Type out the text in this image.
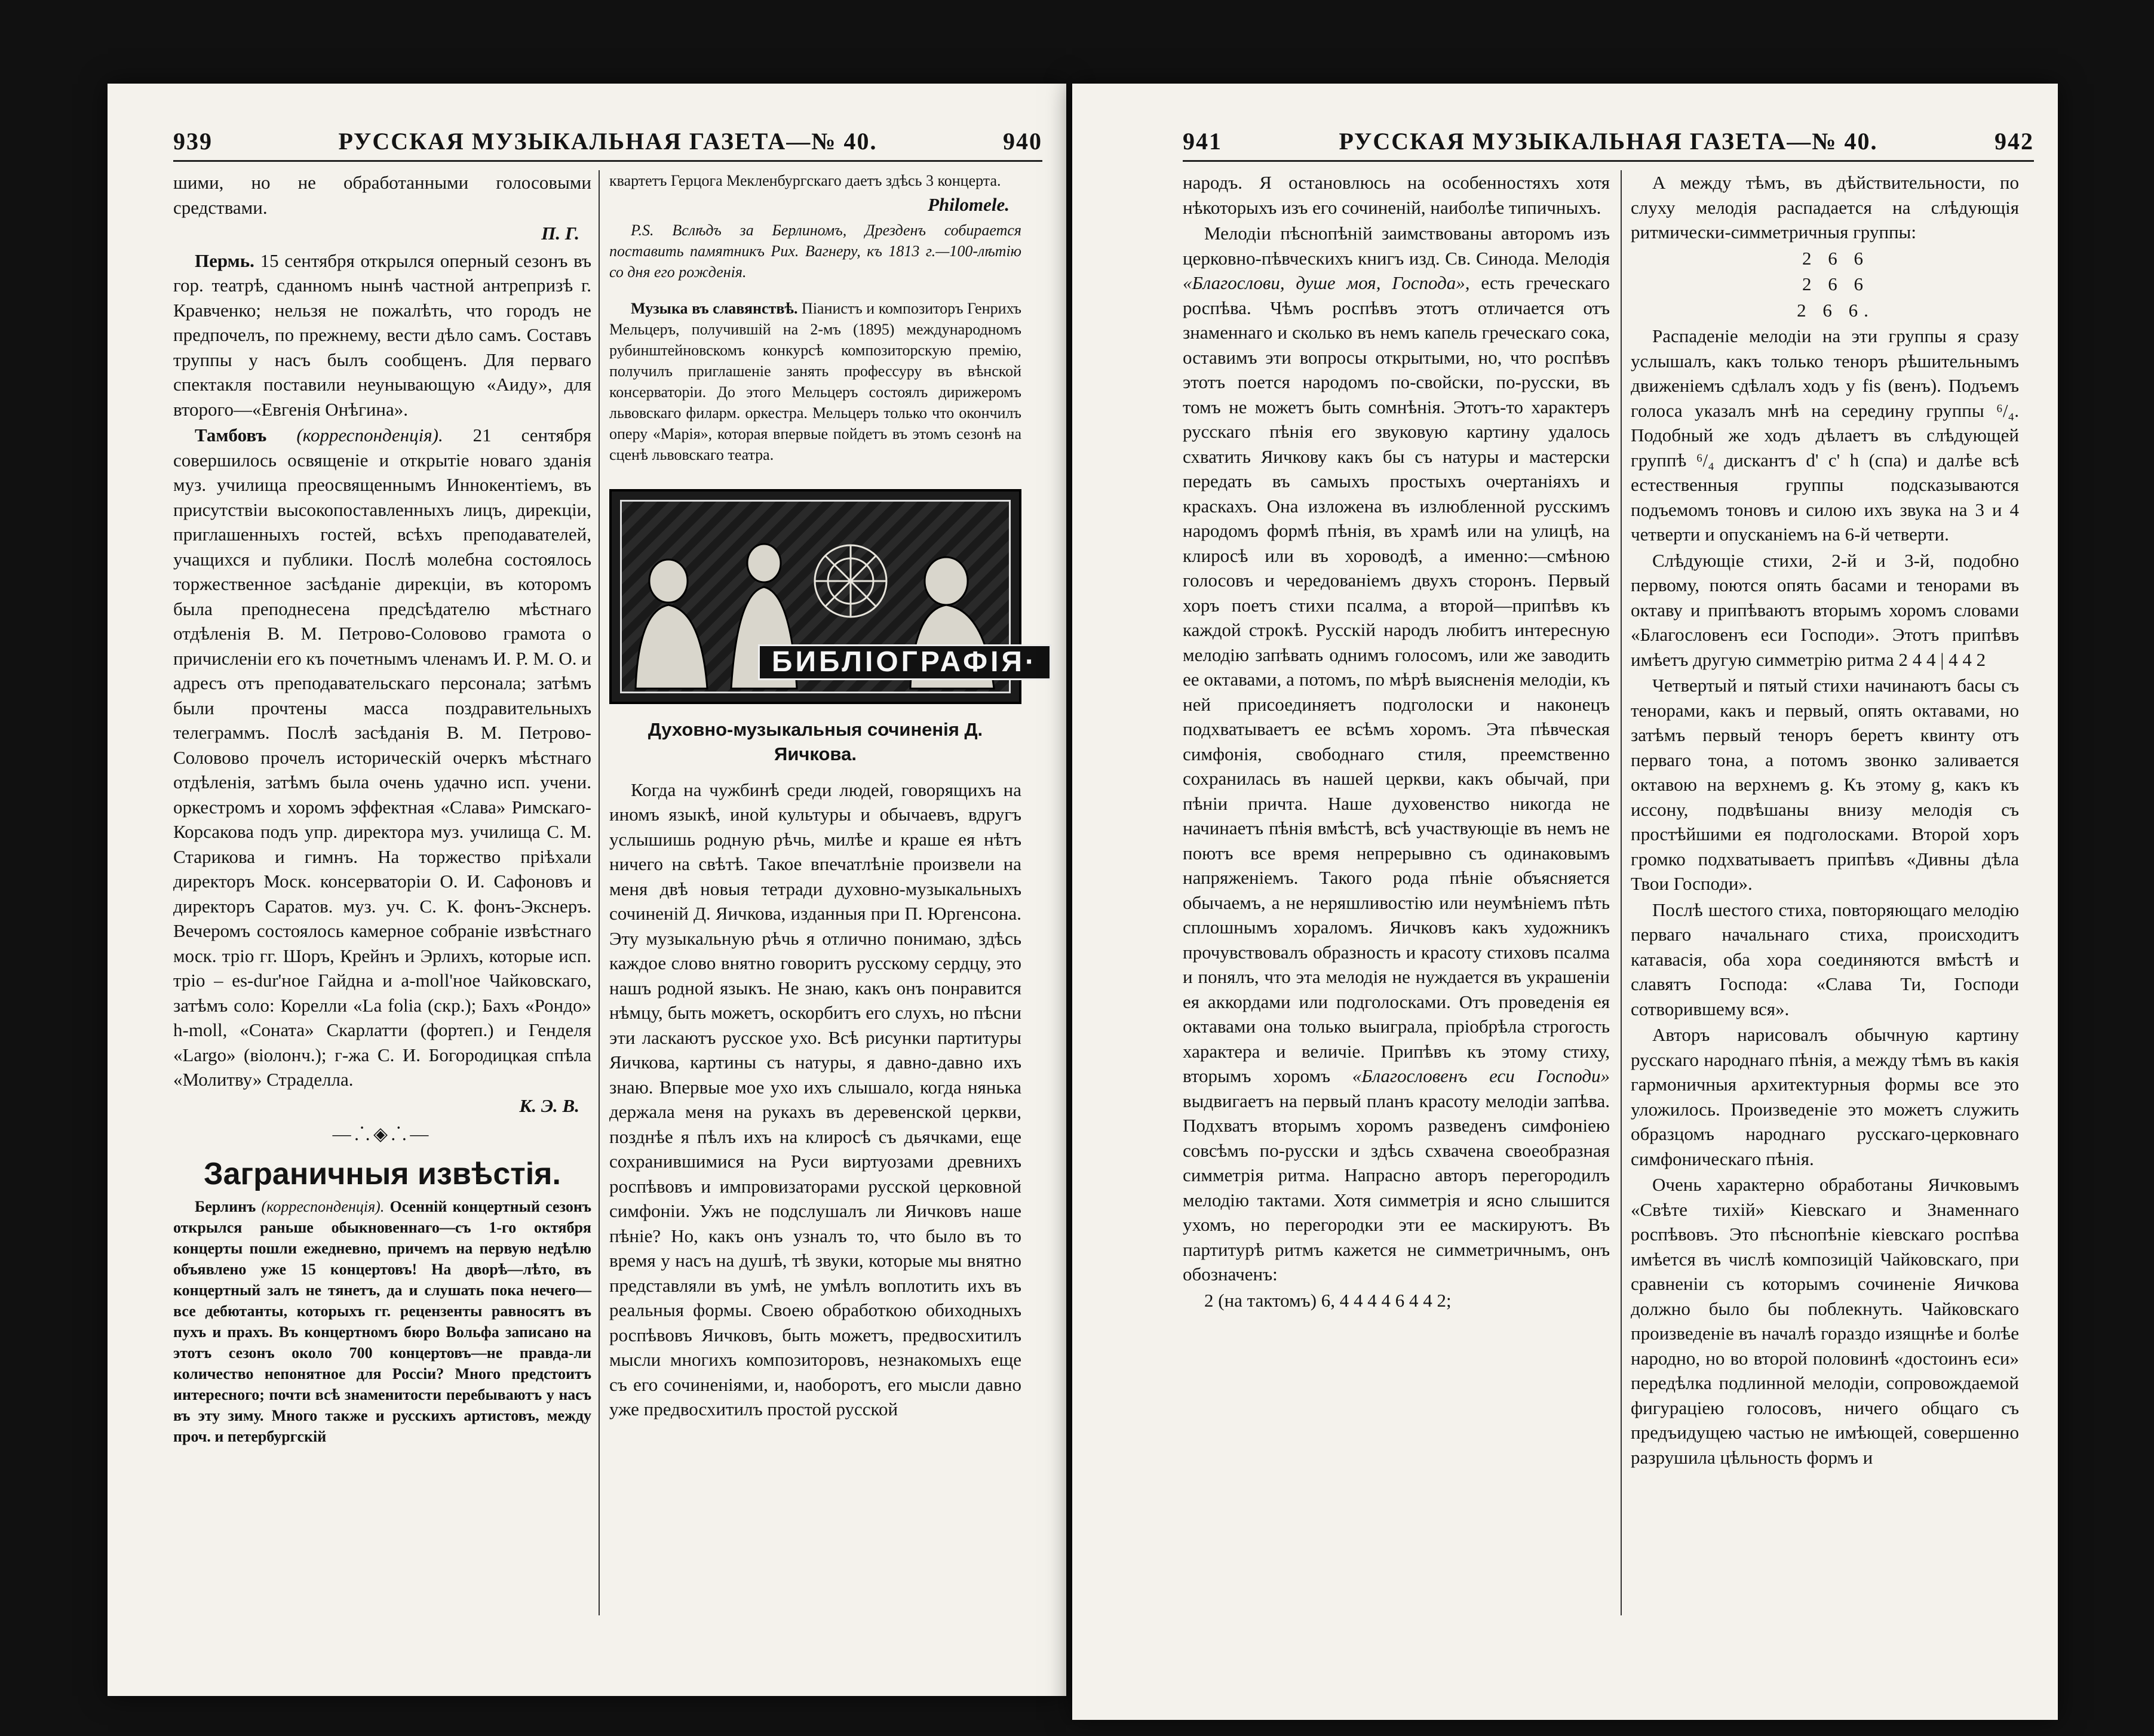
939	РУССКАЯ МУЗЫКАЛЬНАЯ ГАЗЕТА—№ 40.	940

шими, но не обработанными голосовыми средствами.

П. Г.

Пермь. 15 сентября открылся оперный сезонъ въ гор. театрѣ, сданномъ нынѣ частной антрепризѣ г. Кравченко; нельзя не пожалѣть, что городъ не предпочелъ, по прежнему, вести дѣло самъ. Составъ труппы у насъ былъ сообщенъ. Для перваго спектакля поставили неунывающую «Аиду», для второго—«Евгенія Онѣгина».

Тамбовъ (корреспонденція). 21 сентября совершилось освященіе и открытіе новаго зданія муз. училища преосвященнымъ Иннокентіемъ, въ присутствіи высокопоставленныхъ лицъ, дирекціи, приглашенныхъ гостей, всѣхъ преподавателей, учащихся и публики. Послѣ молебна состоялось торжественное засѣданіе дирекціи, въ которомъ была преподнесена предсѣдателю мѣстнаго отдѣленія В. М. Петрово-Соловово грамота о причисленіи его къ почетнымъ членамъ И. Р. М. О. и адресъ отъ преподавательскаго персонала; затѣмъ были прочтены масса поздравительныхъ телеграммъ. Послѣ засѣданія В. М. Петрово-Соловово прочелъ историческій очеркъ мѣстнаго отдѣленія, затѣмъ была очень удачно исп. учени. оркестромъ и хоромъ эффектная «Слава» Римскаго-Корсакова подъ упр. директора муз. училища С. М. Старикова и гимнъ. На торжество пріѣхали директоръ Моск. консерваторіи О. И. Сафоновъ и директоръ Саратов. муз. уч. С. К. фонъ-Экснеръ. Вечеромъ состоялось камерное собраніе извѣстнаго моск. тріо гг. Шоръ, Крейнъ и Эрлихъ, которые исп. тріо – es-dur'ное Гайдна и a-moll'ное Чайковскаго, затѣмъ соло: Корелли «La folia (скр.); Бахъ «Рондо» h-moll, «Соната» Скарлатти (фортеп.) и Генделя «Largo» (віолонч.); г-жа С. И. Богородицкая спѣла «Молитву» Страделла.

К. Э. В.
—⸫◈⸫—
Заграничныя извѣстія.

Берлинъ (корреспонденція). Осенній концертный сезонъ открылся раньше обыкновеннаго—съ 1-го октября концерты пошли ежедневно, причемъ на первую недѣлю объявлено уже 15 концертовъ! На дворѣ—лѣто, въ концертный залъ не тянетъ, да и слушать пока нечего—все дебютанты, которыхъ гг. рецензенты равносятъ въ пухъ и прахъ. Въ концертномъ бюро Вольфа записано на этотъ сезонъ около 700 концертовъ—не правда-ли количество непонятное для Россіи? Много предстоитъ интересного; почти всѣ знаменитости перебываютъ у насъ въ эту зиму. Много также и русскихъ артистовъ, между проч. и петербургскій

квартетъ Герцога Мекленбургскаго даетъ здѣсь 3 концерта.

Philomele.

P.S. Вслѣдъ за Берлиномъ, Дрезденъ собирается поставить памятникъ Рих. Вагнеру, къ 1813 г.—100-лѣтію со дня его рожденія.

Музыка въ славянствѣ. Піанистъ и композиторъ Генрихъ Мельцеръ, получившій на 2-мъ (1895) международномъ рубинштейновскомъ конкурсѣ композиторскую премію, получилъ приглашеніе занять профессуру въ вѣнской консерваторіи. До этого Мельцеръ состоялъ дирижеромъ львовскаго филарм. оркестра. Мельцеръ только что окончилъ оперу «Марія», которая впервые пойдетъ въ этомъ сезонѣ на сценѣ львовскаго театра.

БИБЛІОГРАФІЯ·
Духовно-музыкальныя сочиненія Д. Яичкова.

Когда на чужбинѣ среди людей, говорящихъ на иномъ языкѣ, иной культуры и обычаевъ, вдругъ услышишь родную рѣчь, милѣе и краше ея нѣтъ ничего на свѣтѣ. Такое впечатлѣніе произвели на меня двѣ новыя тетради духовно-музыкальныхъ сочиненій Д. Яичкова, изданныя при П. Юргенсона. Эту музыкальную рѣчь я отлично понимаю, здѣсь каждое слово внятно говоритъ русскому сердцу, это нашъ родной языкъ. Не знаю, какъ онъ понравится нѣмцу, быть можетъ, оскорбитъ его слухъ, но пѣсни эти ласкаютъ русское ухо. Всѣ рисунки партитуры Яичкова, картины съ натуры, я давно-давно ихъ знаю. Впервые мое ухо ихъ слышало, когда нянька держала меня на рукахъ въ деревенской церкви, позднѣе я пѣлъ ихъ на клиросѣ съ дьячками, еще сохранившимися на Руси виртуозами древнихъ роспѣвовъ и импровизаторами русской церковной симфоніи. Ужъ не подслушалъ ли Яичковъ наше пѣніе? Но, какъ онъ узналъ то, что было въ то время у насъ на душѣ, тѣ звуки, которые мы внятно представляли въ умѣ, не умѣлъ воплотить ихъ въ реальныя формы. Своею обработкою обиходныхъ роспѣвовъ Яичковъ, быть можетъ, предвосхитилъ мысли многихъ композиторовъ, незнакомыхъ еще съ его сочиненіями, и, наоборотъ, его мысли давно уже предвосхитилъ простой русской

941	РУССКАЯ МУЗЫКАЛЬНАЯ ГАЗЕТА—№ 40.	942

народъ. Я остановлюсь на особенностяхъ хотя нѣкоторыхъ изъ его сочиненій, наиболѣе типичныхъ.

Мелодіи пѣснопѣній заимствованы авторомъ изъ церковно-пѣвческихъ книгъ изд. Св. Синода. Мелодія «Благослови, душе моя, Господа», есть греческаго роспѣва. Чѣмъ роспѣвъ этотъ отличается отъ знаменнаго и сколько въ немъ капель греческаго сока, оставимъ эти вопросы открытыми, но, что роспѣвъ этотъ поется народомъ по-свойски, по-русски, въ томъ не можетъ быть сомнѣнія. Этотъ-то характеръ русскаго пѣнія его звуковую картину удалось схватить Яичкову какъ бы съ натуры и мастерски передать въ самыхъ простыхъ очертаніяхъ и краскахъ. Она изложена въ излюбленной русскимъ народомъ формѣ пѣнія, въ храмѣ или на улицѣ, на клиросѣ или въ хороводѣ, а именно:—смѣною голосовъ и чередованіемъ двухъ сторонъ. Первый хоръ поетъ стихи псалма, а второй—припѣвъ къ каждой строкѣ. Русскій народъ любитъ интересную мелодію запѣвать однимъ голосомъ, или же заводить ее октавами, а потомъ, по мѣрѣ выясненія мелодіи, къ ней присоединяетъ подголоски и наконецъ подхватываетъ ее всѣмъ хоромъ. Эта пѣвческая симфонія, свободнаго стиля, преемственно сохранилась въ нашей церкви, какъ обычай, при пѣніи причта. Наше духовенство никогда не начинаетъ пѣнія вмѣстѣ, всѣ участвующіе въ немъ не поютъ все время непрерывно съ одинаковымъ напряженіемъ. Такого рода пѣніе объясняется обычаемъ, а не неряшливостію или неумѣніемъ пѣть сплошнымъ хораломъ. Яичковъ какъ художникъ прочувствовалъ образность и красоту стиховъ псалма и понялъ, что эта мелодія не нуждается въ украшеніи ея аккордами или подголосками. Отъ проведенія ея октавами она только выиграла, пріобрѣла строгость характера и величіе. Припѣвъ къ этому стиху, вторымъ хоромъ «Благословенъ еси Господи» выдвигаетъ на первый планъ красоту мелодіи запѣва. Подхватъ вторымъ хоромъ разведенъ симфоніею совсѣмъ по-русски и здѣсь схвачена своеобразная симметрія ритма. Напрасно авторъ перегородилъ мелодію тактами. Хотя симметрія и ясно слышится ухомъ, но перегородки эти ее маскируютъ. Въ партитурѣ ритмъ кажется не симметричнымъ, онъ обозначенъ:

2 (на тактомъ) 6, 4 4 4 4 6 4 4 2;

А между тѣмъ, въ дѣйствительности, по слуху мелодія распадается на слѣдующія ритмически-симметричныя группы:

2 6 6

2 6 6

2 6 6.

Распаденіе мелодіи на эти группы я сразу услышалъ, какъ только теноръ рѣшительнымъ движеніемъ сдѣлалъ ходъ у fis (венъ). Подъемъ голоса указалъ мнѣ на середину группы ⁶/₄. Подобный же ходъ дѣлаетъ въ слѣдующей группѣ ⁶/₄ дискантъ d' c' h (спа) и далѣе всѣ естественныя группы подсказываются подъемомъ тоновъ и силою ихъ звука на 3 и 4 четверти и опусканіемъ на 6-й четверти.

Слѣдующіе стихи, 2-й и 3-й, подобно первому, поются опять басами и тенорами въ октаву и припѣваютъ вторымъ хоромъ словами «Благословенъ еси Господи». Этотъ припѣвъ имѣетъ другую симметрію ритма 2 4 4 | 4 4 2

Четвертый и пятый стихи начинаютъ басы съ тенорами, какъ и первый, опять октавами, но затѣмъ первый теноръ беретъ квинту отъ перваго тона, а потомъ звонко заливается октавою на верхнемъ g. Къ этому g, какъ къ иссону, подвѣшаны внизу мелодія съ простѣйшими ея подголосками. Второй хоръ громко подхватываетъ припѣвъ «Дивны дѣла Твои Господи».

Послѣ шестого стиха, повторяющаго мелодію перваго начальнаго стиха, происходитъ катавасія, оба хора соединяются вмѣстѣ и славятъ Господа: «Слава Ти, Господи сотворившему вся».

Авторъ нарисовалъ обычную картину русскаго народнаго пѣнія, а между тѣмъ въ какія гармоничныя архитектурныя формы все это уложилось. Произведеніе это можетъ служить образцомъ народнаго русскаго-церковнаго симфоническаго пѣнія.

Очень характерно обработаны Яичковымъ «Свѣте тихій» Кіевскаго и Знаменнаго роспѣвовъ. Это пѣснопѣніе кіевскаго роспѣва имѣется въ числѣ композицій Чайковскаго, при сравненіи съ которымъ сочиненіе Яичкова должно было бы поблекнуть. Чайковскаго произведеніе въ началѣ гораздо изящнѣе и болѣе народно, но во второй половинѣ «достоинъ еси» передѣлка подлинной мелодіи, сопровождаемой фигураціею голосовъ, ничего общаго съ предъидущею частью не имѣющей, совершенно разрушила цѣльность формъ и
